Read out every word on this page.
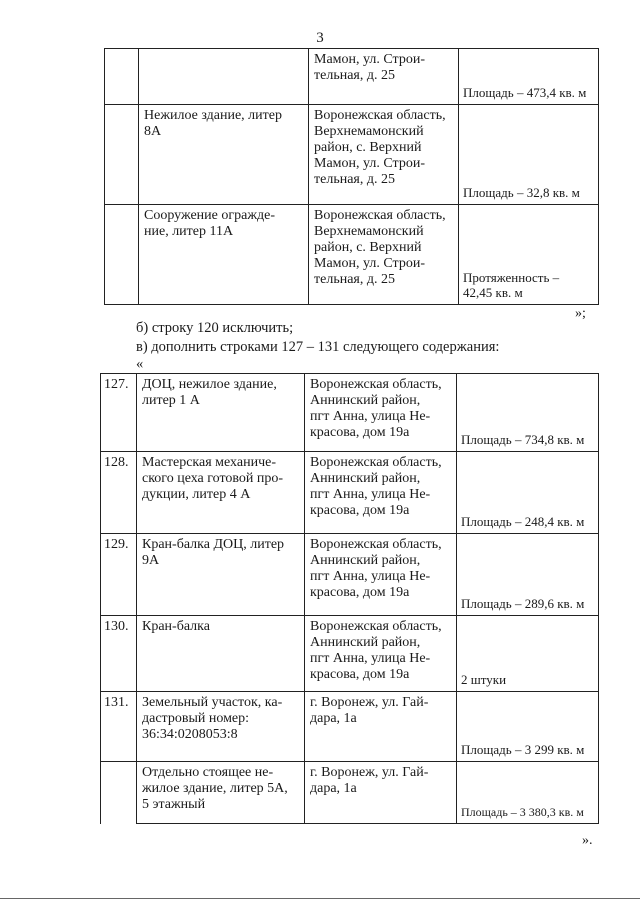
3
		Мамон, ул. Строи-
тельная, д. 25	Площадь – 473,4 кв. м
	Нежилое здание, литер
8А	Воронежская область,
Верхнемамонский
район, с. Верхний
Мамон, ул. Строи-
тельная, д. 25	Площадь – 32,8 кв. м
	Сооружение огражде-
ние, литер 11А	Воронежская область,
Верхнемамонский
район, с. Верхний
Мамон, ул. Строи-
тельная, д. 25	Протяженность –
42,45 кв. м
»;
б) строку 120 исключить;
в) дополнить строками 127 – 131 следующего содержания:
«
127.	ДОЦ, нежилое здание,
литер 1 А	Воронежская область,
Аннинский район,
пгт Анна, улица Не-
красова, дом 19а	Площадь – 734,8 кв. м
128.	Мастерская механиче-
ского цеха готовой про-
дукции, литер 4 А	Воронежская область,
Аннинский район,
пгт Анна, улица Не-
красова, дом 19а	Площадь – 248,4 кв. м
129.	Кран-балка ДОЦ, литер
9А	Воронежская область,
Аннинский район,
пгт Анна, улица Не-
красова, дом 19а	Площадь – 289,6 кв. м
130.	Кран-балка	Воронежская область,
Аннинский район,
пгт Анна, улица Не-
красова, дом 19а	2 штуки
131.	Земельный участок, ка-
дастровый номер:
36:34:0208053:8	г. Воронеж, ул. Гай-
дара, 1а	Площадь – 3 299 кв. м
	Отдельно стоящее не-
жилое здание, литер 5А,
5 этажный	г. Воронеж, ул. Гай-
дара, 1а	Площадь – 3 380,3 кв. м
».
